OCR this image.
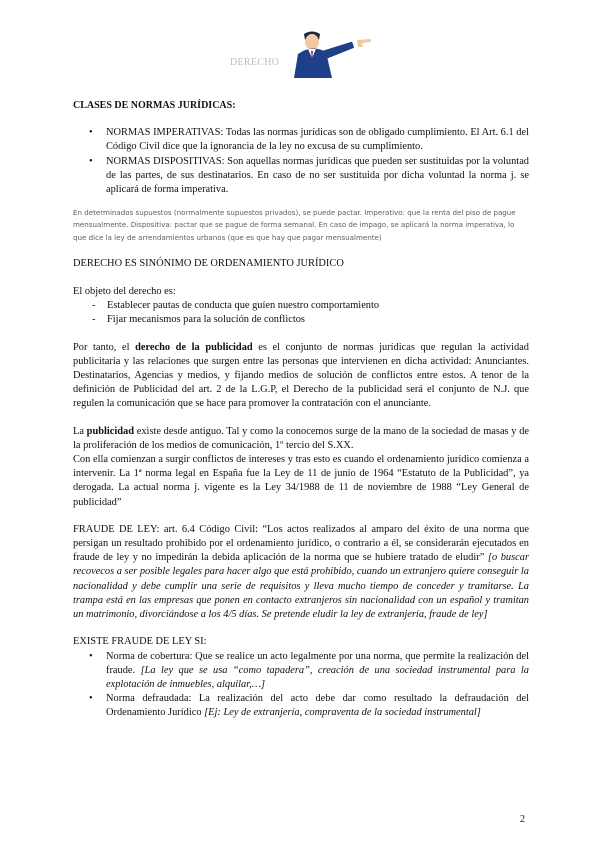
DERECHO

CLASES DE NORMAS JURÍDICAS:

• NORMAS IMPERATIVAS: Todas las normas jurídicas son de obligado cumplimiento. El Art. 6.1 del Código Civil dice que la ignorancia de la ley no excusa de su cumplimiento.
• NORMAS DISPOSITIVAS: Son aquellas normas jurídicas que pueden ser sustituidas por la voluntad de las partes, de sus destinatarios. En caso de no ser sustituida por dicha voluntad la norma j. se aplicará de forma imperativa.

En determinados supuestos (normalmente supuestos privados), se puede pactar. Imperativo: que la renta del piso de pague mensualmente. Dispositiva: pactar que se pague de forma semanal. En caso de impago, se aplicará la norma imperativa, lo que dice la ley de arrendamientos urbanos (que es que hay que pagar mensualmente)

DERECHO ES SINÓNIMO DE ORDENAMIENTO JURÍDICO

El objeto del derecho es:

- Establecer pautas de conducta que guíen nuestro comportamiento
- Fijar mecanismos para la solución de conflictos

Por tanto, el derecho de la publicidad es el conjunto de normas jurídicas que regulan la actividad publicitaria y las relaciones que surgen entre las personas que intervienen en dicha actividad: Anunciantes. Destinatarios, Agencias y medios, y fijando medios de solución de conflictos entre estos. A tenor de la definición de Publicidad del art. 2 de la L.G.P, el Derecho de la publicidad será el conjunto de N.J. que regulen la comunicación que se hace para promover la contratación con el anunciante.

La publicidad existe desde antiguo. Tal y como la conocemos surge de la mano de la sociedad de masas y de la proliferación de los medios de comunicación, 1º tercio del S.XX.

Con ella comienzan a surgir conflictos de intereses y tras esto es cuando el ordenamiento jurídico comienza a intervenir. La 1ª norma legal en España fue la Ley de 11 de junio de 1964 “Estatuto de la Publicidad”, ya derogada. La actual norma j. vigente es la Ley 34/1988 de 11 de noviembre de 1988 “Ley General de publicidad”

FRAUDE DE LEY: art. 6.4 Código Civil: “Los actos realizados al amparo del éxito de una norma que persigan un resultado prohibido por el ordenamiento jurídico, o contrario a él, se considerarán ejecutados en fraude de ley y no impedirán la debida aplicación de la norma que se hubiere tratado de eludir” [o buscar recovecos a ser posible legales para hacer algo que está prohibido, cuando un extranjero quiere conseguir la nacionalidad y debe cumplir una serie de requisitos y lleva mucho tiempo de conceder y tramitarse. La trampa está en las empresas que ponen en contacto extranjeros sin nacionalidad con un español y tramitan un matrimonio, divorciándose a los 4/5 días. Se pretende eludir la ley de extranjería, fraude de ley]

EXISTE FRAUDE DE LEY SI:

• Norma de cobertura: Que se realice un acto legalmente por una norma, que permite la realización del fraude. [La ley que se usa “como tapadera”, creación de una sociedad instrumental para la explotación de inmuebles, alquilar,…]
• Norma defraudada: La realización del acto debe dar como resultado la defraudación del Ordenamiento Jurídico [Ej: Ley de extranjería, compraventa de la sociedad instrumental]
2
